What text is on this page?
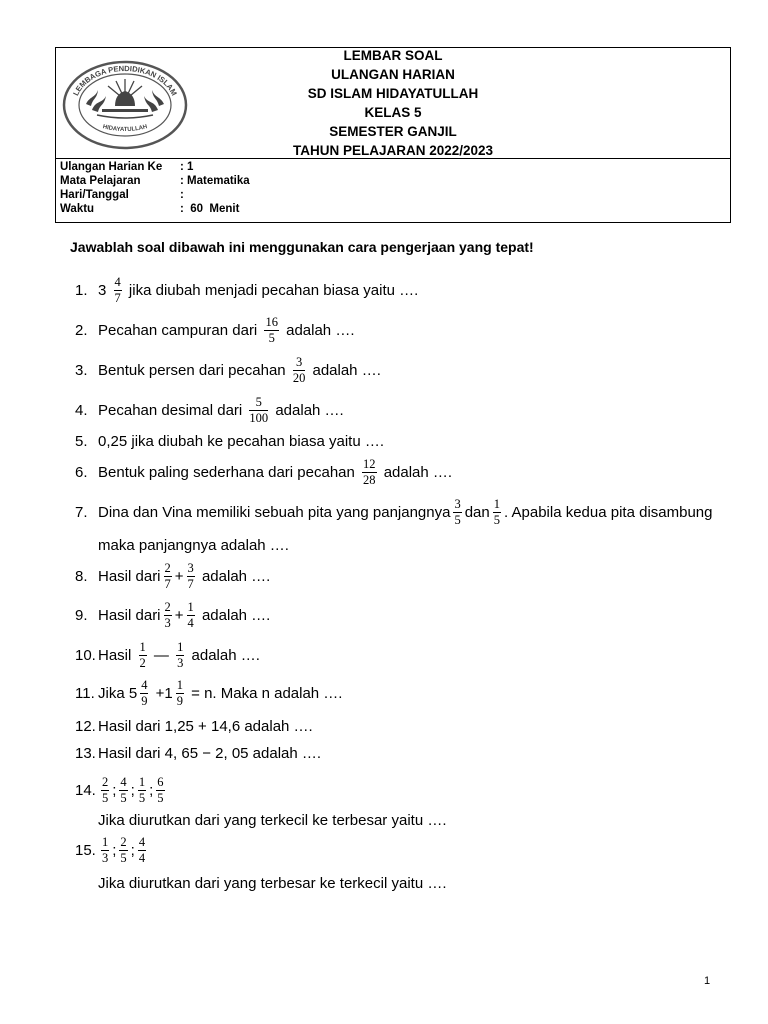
LEMBAGA PENDIDIKAN ISLAM
HIDAYATULLAH
LEMBAR SOAL
ULANGAN HARIAN
SD ISLAM HIDAYATULLAH
KELAS 5
SEMESTER GANJIL
TAHUN PELAJARAN 2022/2023
Ulangan Harian Ke	: 1
Mata Pelajaran	: Matematika
Hari/Tanggal	:
Waktu	:  60  Menit
Jawablah soal dibawah ini menggunakan cara pengerjaan yang tepat!
1. $3 \frac{4}{7}$ jika diubah menjadi pecahan biasa yaitu ….
2. Pecahan campuran dari $\frac{16}{5}$ adalah ….
3. Bentuk persen dari pecahan $\frac{3}{20}$ adalah ….
4. Pecahan desimal dari $\frac{5}{100}$ adalah ….
5. 0,25 jika diubah ke pecahan biasa yaitu ….
6. Bentuk paling sederhana dari pecahan $\frac{12}{28}$ adalah ….
7. Dina dan Vina memiliki sebuah pita yang panjangnya $\frac{3}{5}$ dan $\frac{1}{5}$ . Apabila kedua pita disambung
maka panjangnya adalah ….
8. Hasil dari $\frac{2}{7} + \frac{3}{7}$ adalah ….
9. Hasil dari $\frac{2}{3} + \frac{1}{4}$ adalah ….
10. Hasil $\frac{1}{2}$ — $\frac{1}{3}$ adalah ….
11. Jika $5 \frac{4}{9} +1 \frac{1}{9} = n$. Maka n adalah ….
12. Hasil dari 1,25 + 14,6 adalah ….
13. Hasil dari 4, 65 − 2, 05 adalah ….
14. $\frac{2}{5}$ ; $\frac{4}{5}$ ; $\frac{1}{5}$ ; $\frac{6}{5}$
Jika diurutkan dari yang terkecil ke terbesar yaitu ….
15. $\frac{1}{3}$ ; $\frac{2}{5}$ ; $\frac{4}{4}$
Jika diurutkan dari yang terbesar ke terkecil yaitu ….
1
